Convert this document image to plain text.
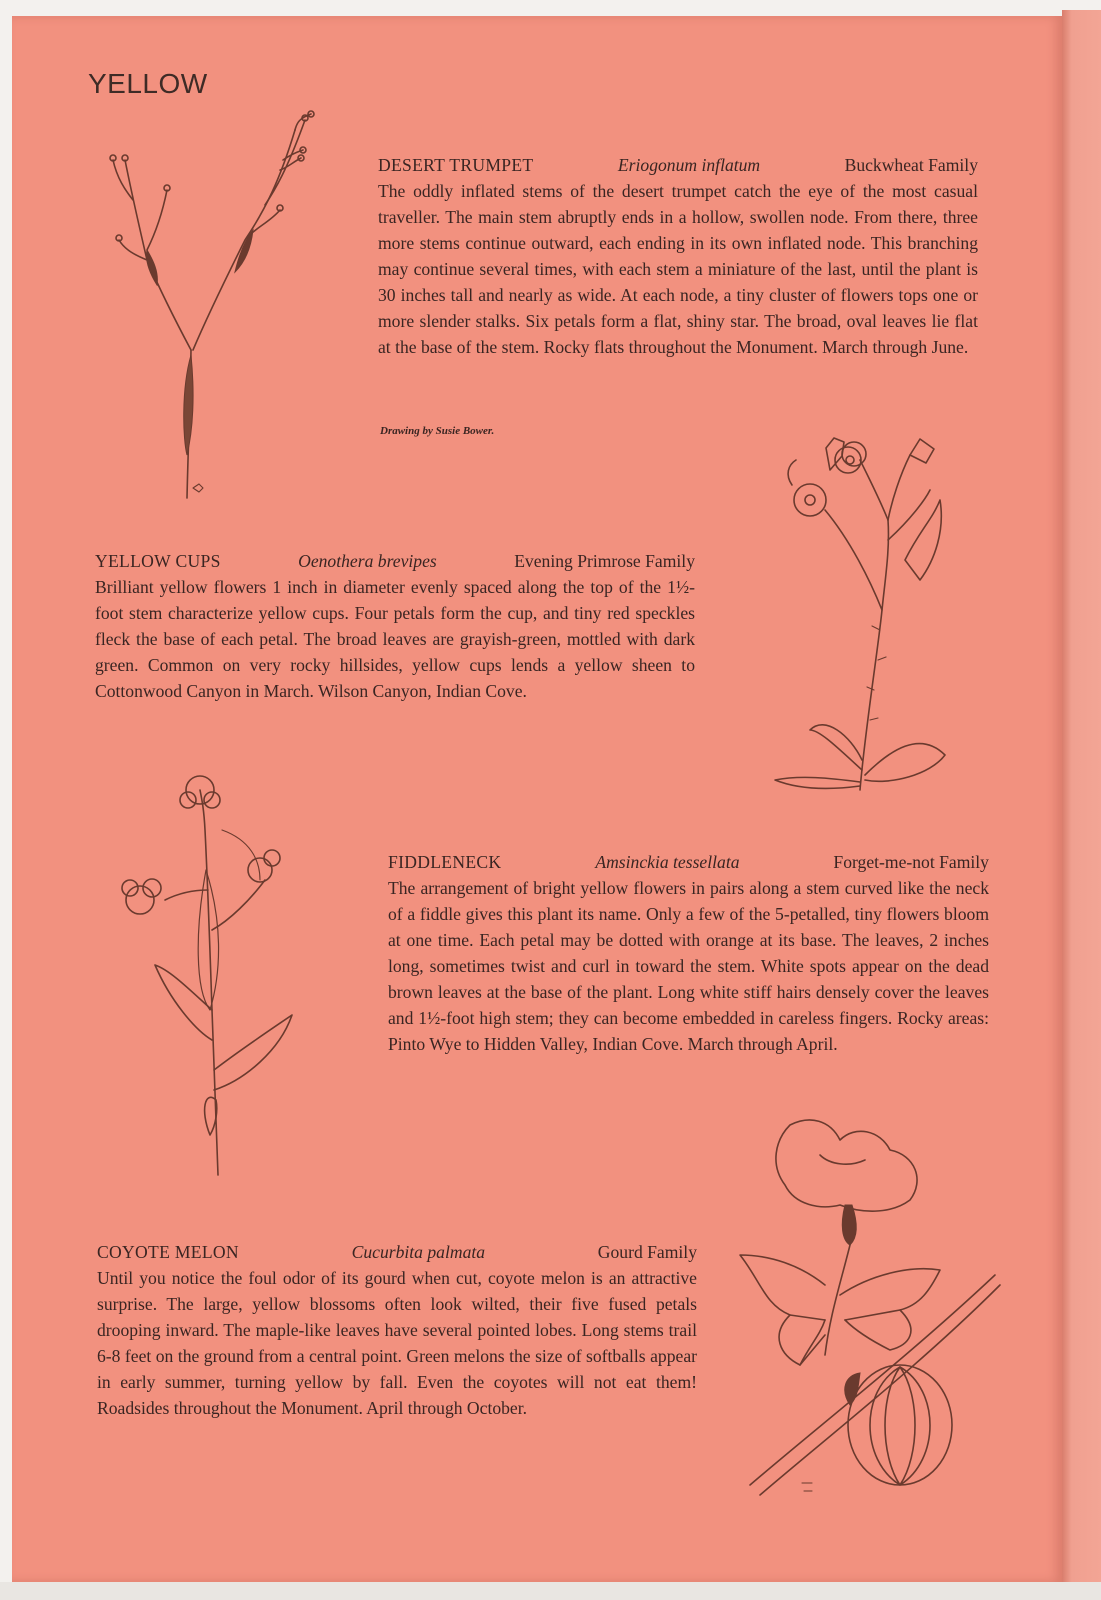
YELLOW
DESERT TRUMPET	Eriogonum inflatum	Buckwheat Family

The oddly inflated stems of the desert trumpet catch the eye of the most casual traveller. The main stem abruptly ends in a hollow, swollen node. From there, three more stems continue outward, each ending in its own inflated node. This branching may continue several times, with each stem a miniature of the last, until the plant is 30 inches tall and nearly as wide. At each node, a tiny cluster of flowers tops one or more slender stalks. Six petals form a flat, shiny star. The broad, oval leaves lie flat at the base of the stem. Rocky flats throughout the Monument. March through June.

Drawing by Susie Bower.
YELLOW CUPS	Oenothera brevipes	Evening Primrose Family

Brilliant yellow flowers 1 inch in diameter evenly spaced along the top of the 1½-foot stem characterize yellow cups. Four petals form the cup, and tiny red speckles fleck the base of each petal. The broad leaves are grayish-green, mottled with dark green. Common on very rocky hillsides, yellow cups lends a yellow sheen to Cottonwood Canyon in March. Wilson Canyon, Indian Cove.

FIDDLENECK	Amsinckia tessellata	Forget-me-not Family

The arrangement of bright yellow flowers in pairs along a stem curved like the neck of a fiddle gives this plant its name. Only a few of the 5-petalled, tiny flowers bloom at one time. Each petal may be dotted with orange at its base. The leaves, 2 inches long, sometimes twist and curl in toward the stem. White spots appear on the dead brown leaves at the base of the plant. Long white stiff hairs densely cover the leaves and 1½-foot high stem; they can become embedded in careless fingers. Rocky areas: Pinto Wye to Hidden Valley, Indian Cove. March through April.

COYOTE MELON	Cucurbita palmata	Gourd Family

Until you notice the foul odor of its gourd when cut, coyote melon is an attractive surprise. The large, yellow blossoms often look wilted, their five fused petals drooping inward. The maple-like leaves have several pointed lobes. Long stems trail 6-8 feet on the ground from a central point. Green melons the size of softballs appear in early summer, turning yellow by fall. Even the coyotes will not eat them! Roadsides throughout the Monument. April through October.
